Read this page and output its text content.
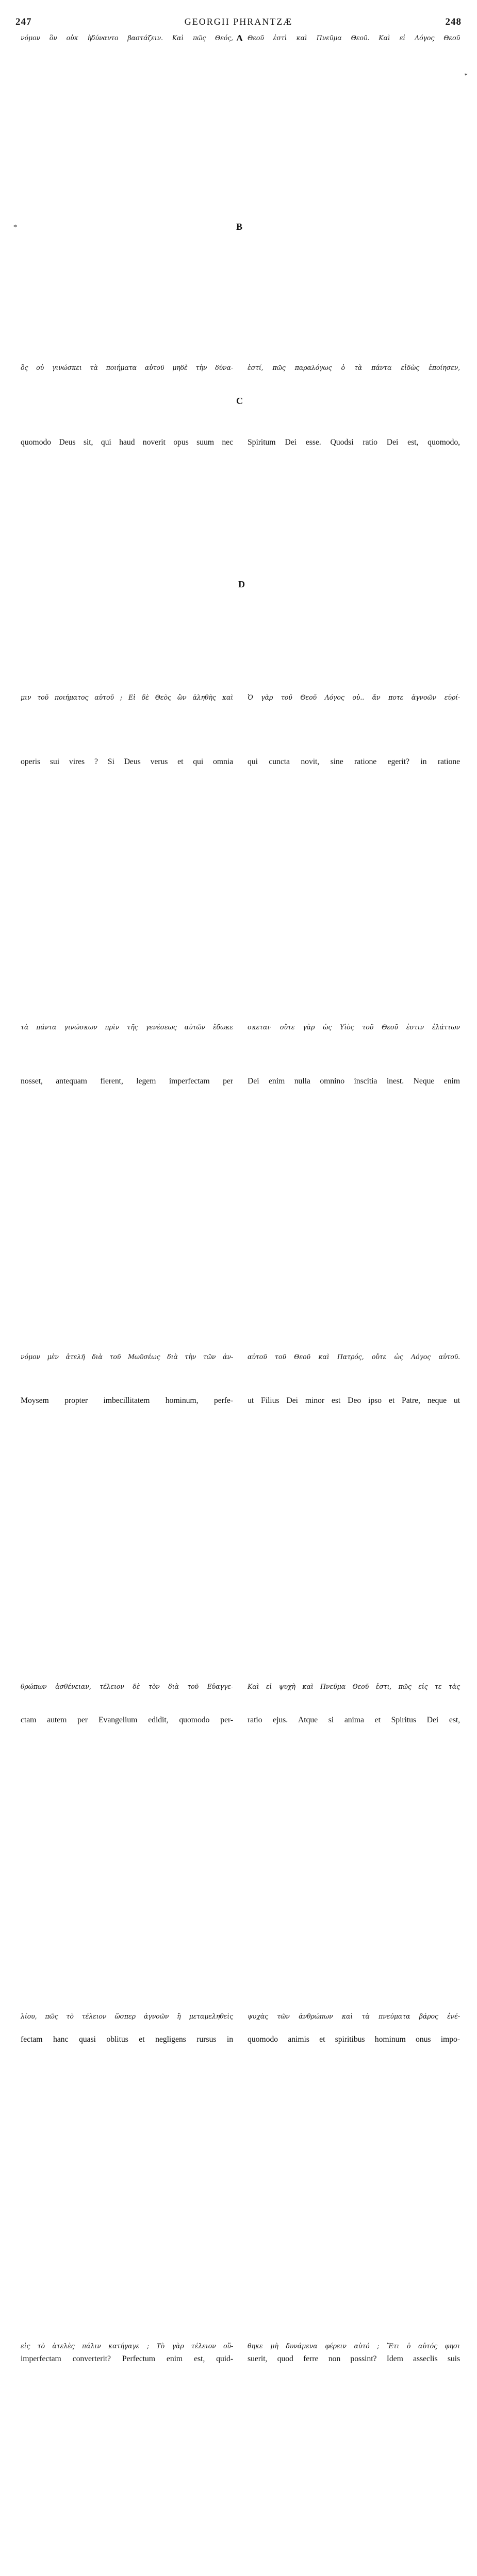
247	GEORGII PHRANTZÆ	248
νόμον ὃν οὐκ ἠδύναντο βαστάζειν. Καὶ πῶς Θεός,
ὃς οὐ γινώσκει τὰ ποιήματα αὐτοῦ μηδὲ τὴν δύνα-
μιν τοῦ ποιήματος αὐτοῦ ; Εἰ δὲ Θεὸς ὢν ἀληθὴς καὶ
τὰ πάντα γινώσκων πρὶν τῆς γενέσεως αὐτῶν ἔδωκε
νόμον μὲν ἀτελῆ διὰ τοῦ Μωϋσέως διὰ τὴν τῶν ἀν-
θρώπων ἀσθένειαν, τέλειον δὲ τὸν διὰ τοῦ Εὐαγγε-
λίου, πῶς τὸ τέλειον ὥσπερ ἀγνοῶν ἢ μεταμεληθεὶς
εἰς τὸ ἀτελὲς πάλιν κατήγαγε ; Τὸ γὰρ τέλειον οὕ-
Θεοῦ ἐστὶ καὶ Πνεῦμα Θεοῦ. Καὶ εἰ Λόγος Θεοῦ
ἐστί, πῶς παραλόγως ὁ τὰ πάντα εἰδὼς ἐποίησεν,
Ὁ γὰρ τοῦ Θεοῦ Λόγος οὐ.. ἄν ποτε ἀγνοῶν εὑρί-
σκεται· οὔτε γὰρ ὡς Υἱὸς τοῦ Θεοῦ ἐστιν ἐλάττων
αὐτοῦ τοῦ Θεοῦ καὶ Πατρός, οὔτε ὡς Λόγος αὐτοῦ.
Καὶ εἰ ψυχὴ καὶ Πνεῦμα Θεοῦ ἐστι, πῶς εἰς τε τὰς
ψυχὰς τῶν ἀνθρώπων καὶ τὰ πνεύματα βάρος ἐνέ-
θηκε μὴ δυνάμενα φέρειν αὐτό ; Ἔτι ὁ αὐτός φησι
A
B
C
D
*
*
quomodo Deus sit, qui haud noverit opus suum nec
operis sui vires ? Si Deus verus et qui omnia
nosset, antequam fierent, legem imperfectam per
Moysem propter imbecillitatem hominum, perfe-
ctam autem per Evangelium edidit, quomodo per-
fectam hanc quasi oblitus et negligens rursus in
imperfectam converterit? Perfectum enim est, quid-
Spiritum Dei esse. Quodsi ratio Dei est, quomodo,
qui cuncta novit, sine ratione egerit? in ratione
Dei enim nulla omnino inscitia inest. Neque enim
ut Filius Dei minor est Deo ipso et Patre, neque ut
ratio ejus. Atque si anima et Spiritus Dei est,
quomodo animis et spiritibus hominum onus impo-
suerit, quod ferre non possint? Idem asseclis suis
